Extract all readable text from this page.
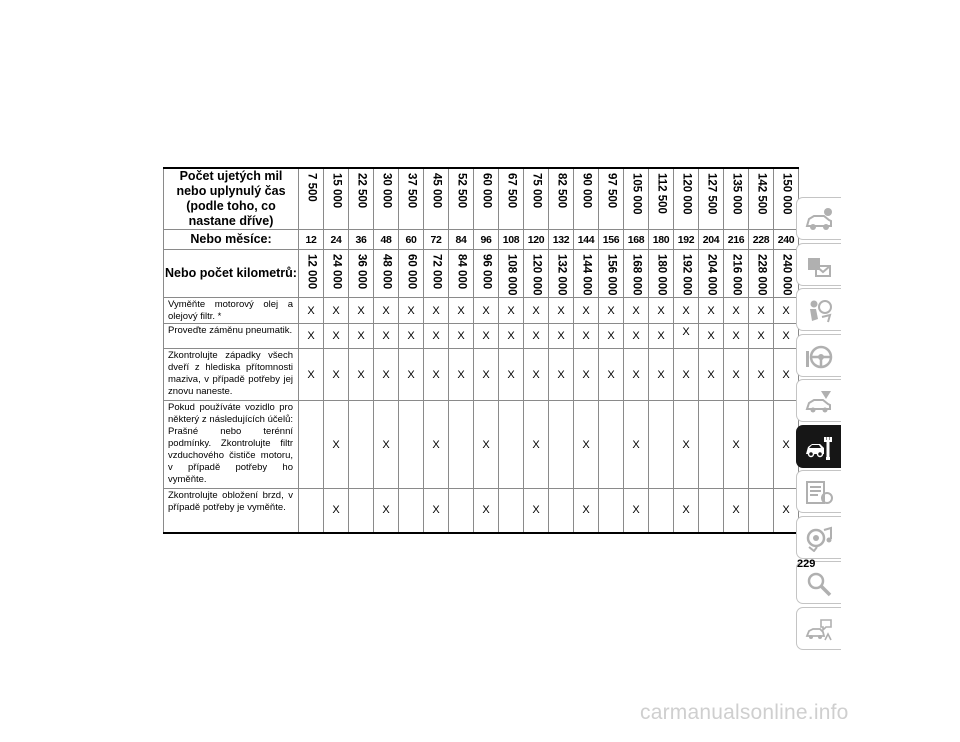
Počet ujetých mil nebo uplynulý čas (podle toho, co nastane dříve)	7 500	15 000	22 500	30 000	37 500	45 000	52 500	60 000	67 500	75 000	82 500	90 000	97 500	105 000	112 500	120 000	127 500	135 000	142 500	150 000

Nebo měsíce:	12	24	36	48	60	72	84	96	108	120	132	144	156	168	180	192	204	216	228	240
Nebo počet kilometrů:	12 000	24 000	36 000	48 000	60 000	72 000	84 000	96 000	108 000	120 000	132 000	144 000	156 000	168 000	180 000	192 000	204 000	216 000	228 000	240 000

Vyměňte motorový olej a olejový filtr. *	X	X	X	X	X	X	X	X	X	X	X	X	X	X	X	X	X	X	X	X
Proveďte záměnu pneumatik.	X	X	X	X	X	X	X	X	X	X	X	X	X	X	X	X	X	X	X	X
Zkontrolujte západky všech dveří z hlediska přítomnosti maziva, v případě potřeby jej znovu naneste.	X	X	X	X	X	X	X	X	X	X	X	X	X	X	X	X	X	X	X	X
Pokud používáte vozidlo pro některý z následujících účelů: Prašné nebo terénní podmínky. Zkontrolujte filtr vzduchového čističe motoru, v případě potřeby ho vyměňte.		X		X		X		X		X		X		X		X		X		X
Zkontrolujte obložení brzd, v případě potřeby je vyměňte.		X		X		X		X		X		X		X		X		X		X
229
carmanualsonline.info
